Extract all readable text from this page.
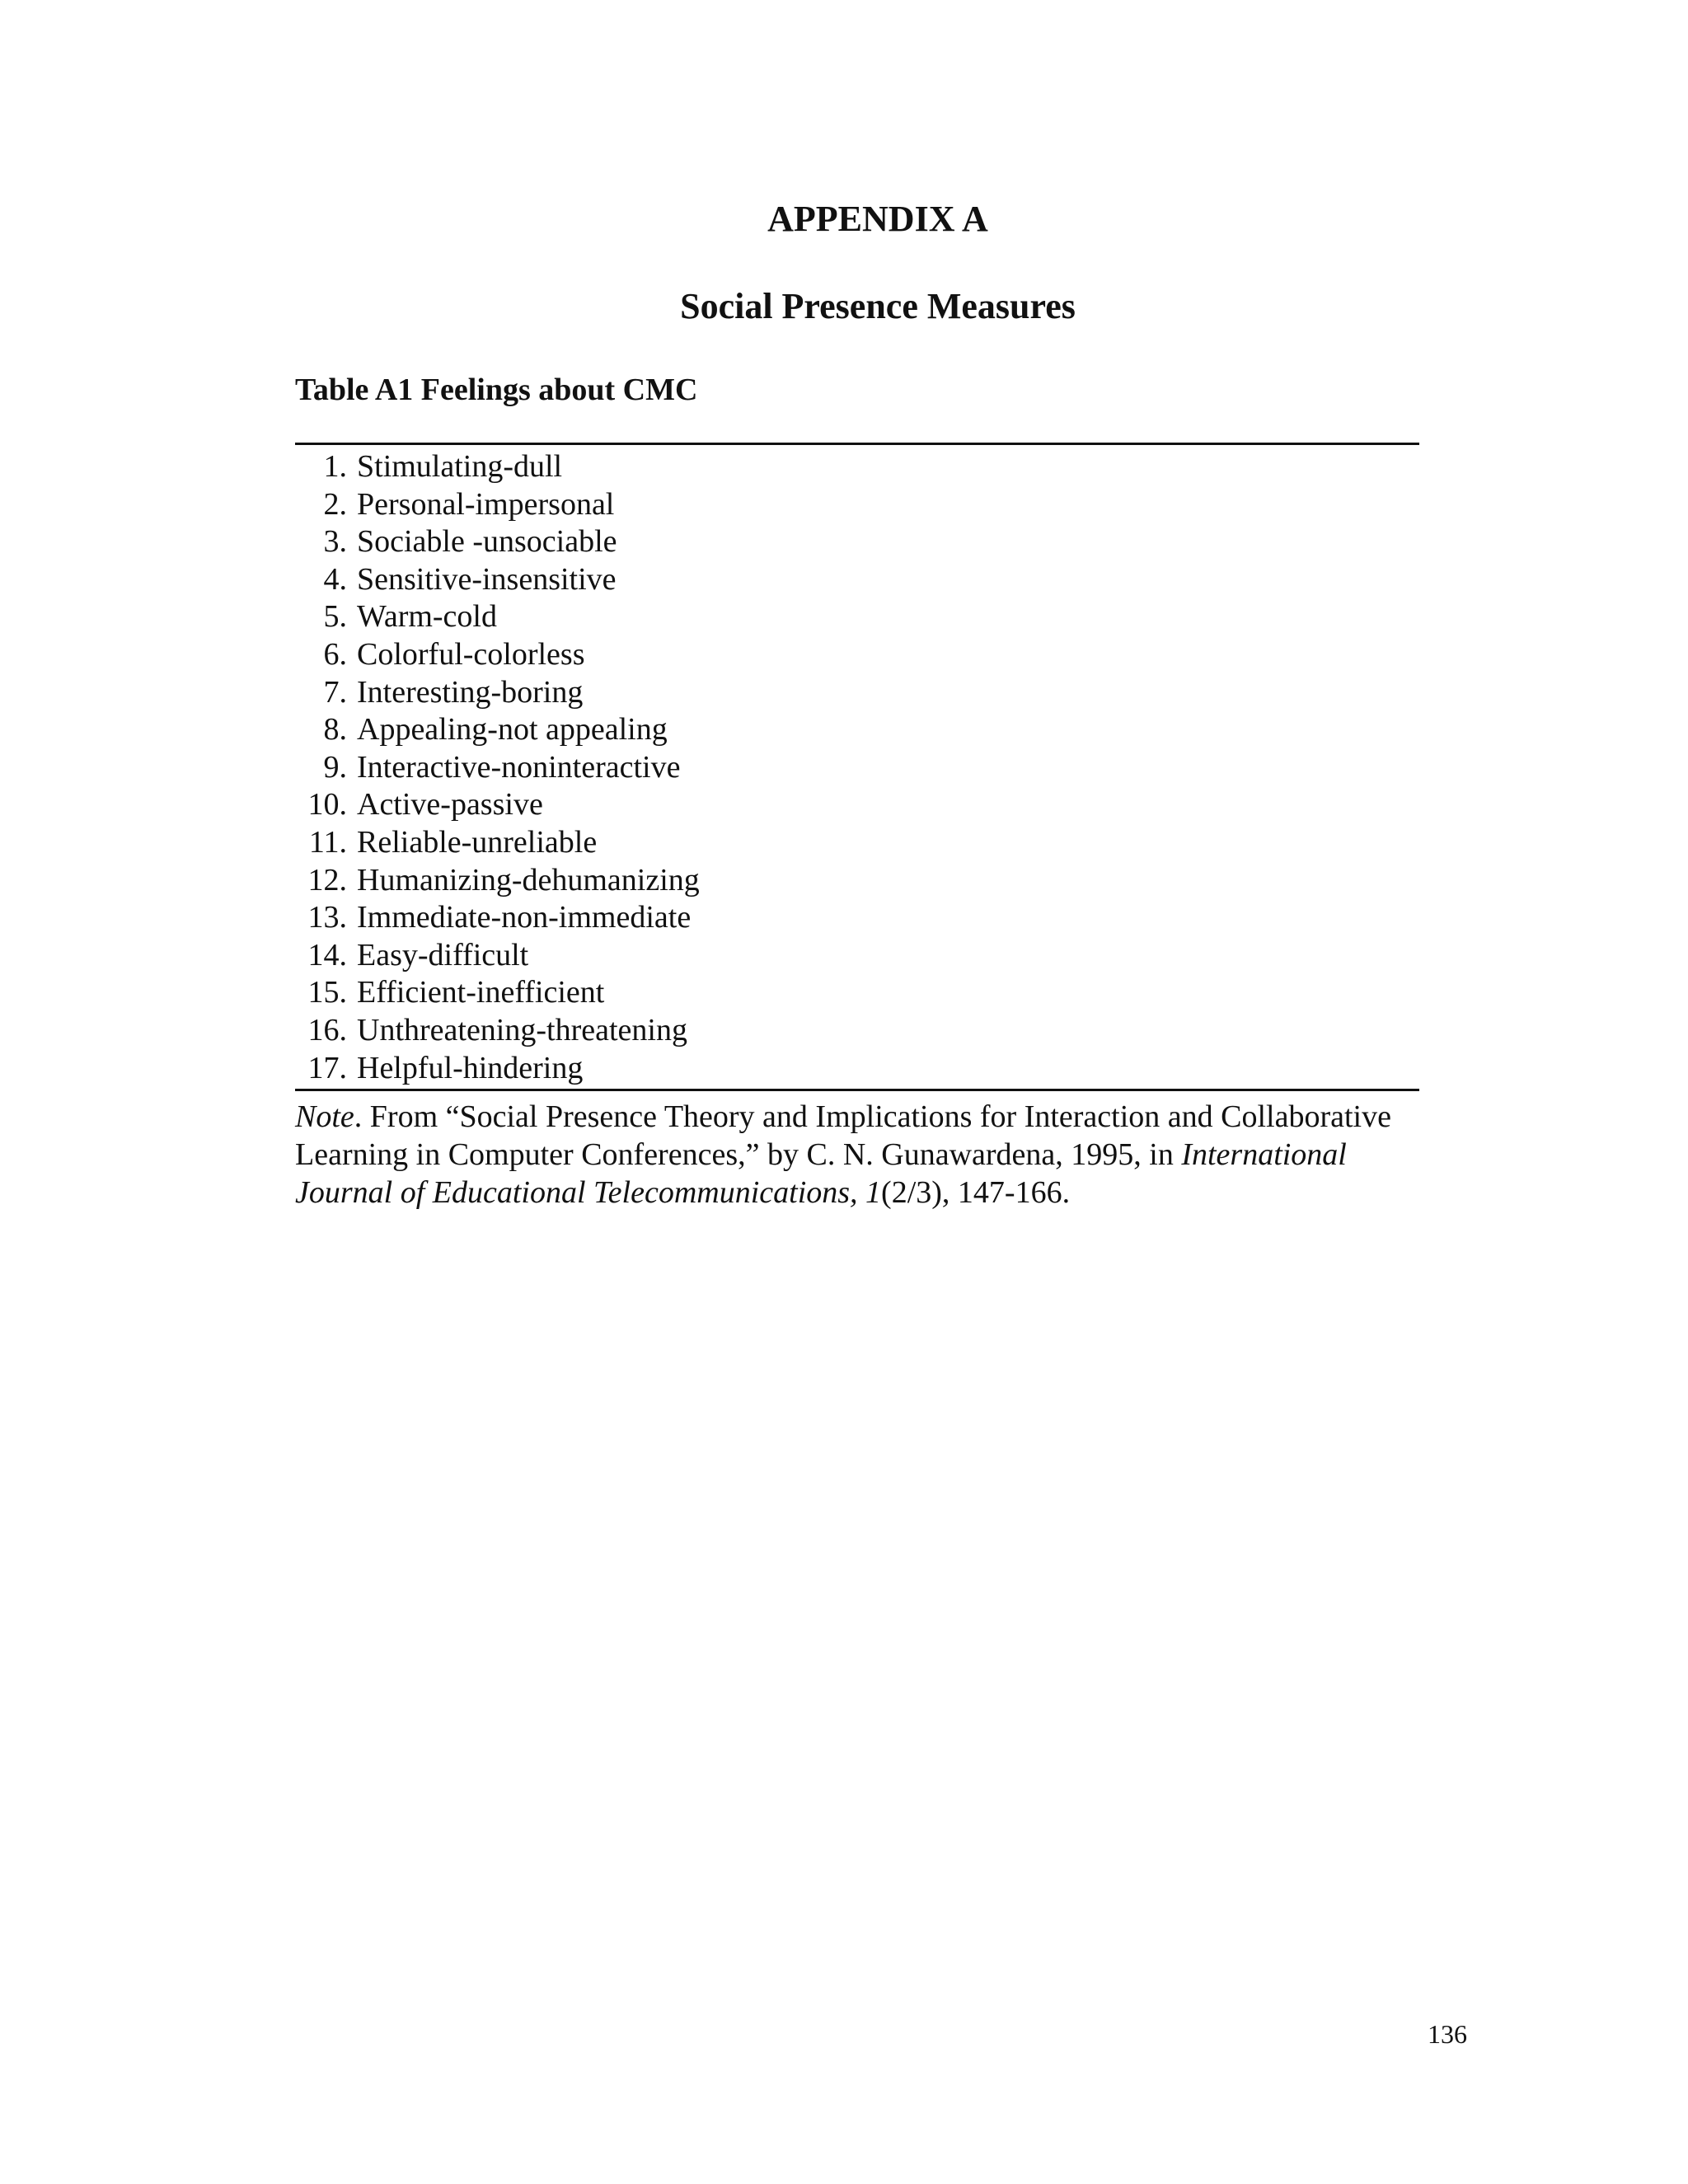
APPENDIX A
Social Presence Measures

Table A1 Feelings about CMC

1. Stimulating-dull
2. Personal-impersonal
3. Sociable -unsociable
4. Sensitive-insensitive
5. Warm-cold
6. Colorful-colorless
7. Interesting-boring
8. Appealing-not appealing
9. Interactive-noninteractive
10. Active-passive
11. Reliable-unreliable
12. Humanizing-dehumanizing
13. Immediate-non-immediate
14. Easy-difficult
15. Efficient-inefficient
16. Unthreatening-threatening
17. Helpful-hindering

Note. From “Social Presence Theory and Implications for Interaction and Collaborative Learning in Computer Conferences,” by C. N. Gunawardena, 1995, in International Journal of Educational Telecommunications, 1(2/3), 147-166.

136
